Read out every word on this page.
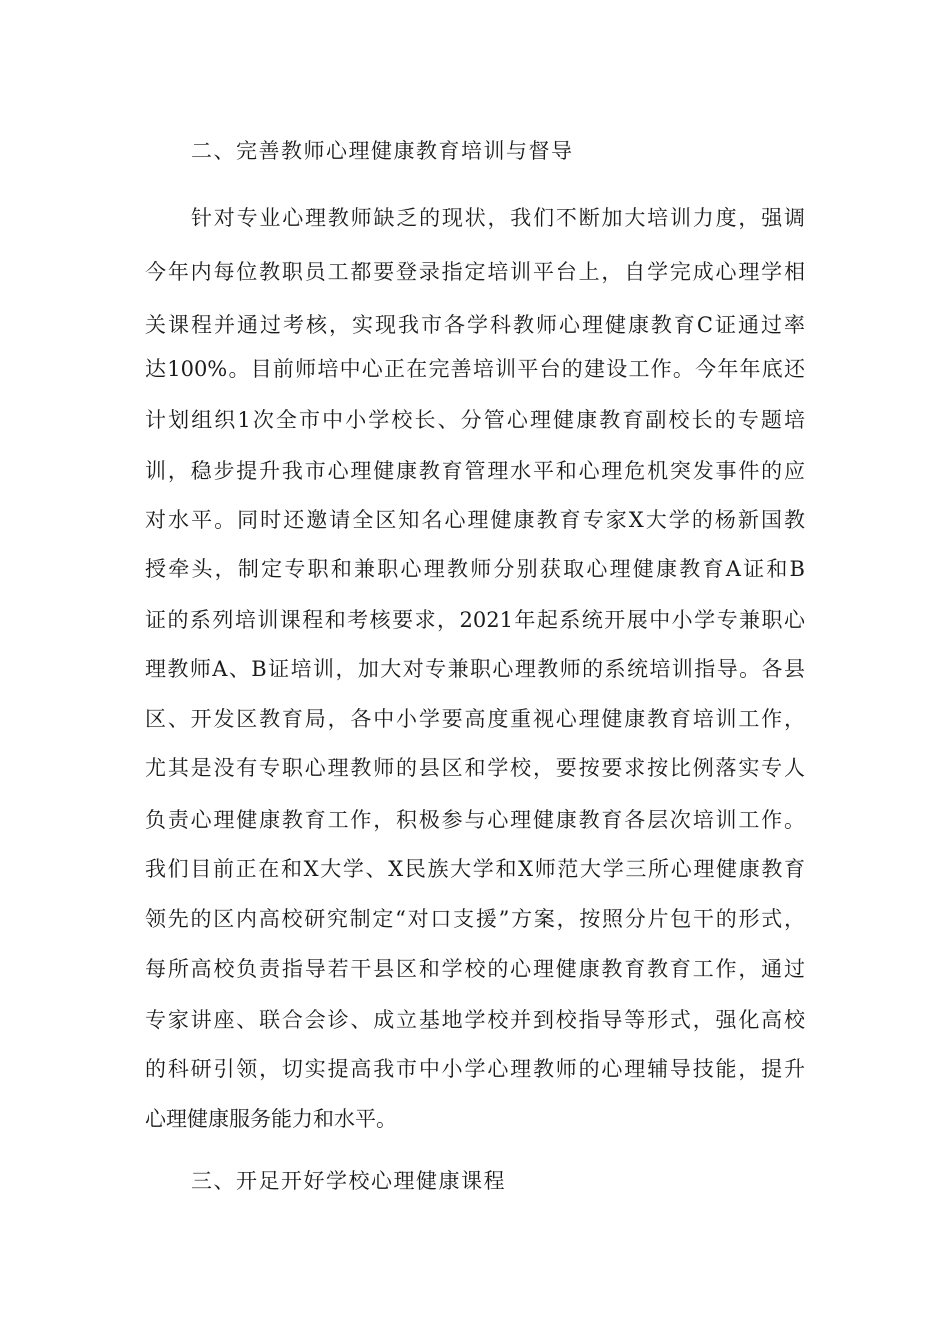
二、完善教师心理健康教育培训与督导
针对专业心理教师缺乏的现状，我们不断加大培训力度，强调
今年内每位教职员工都要登录指定培训平台上，自学完成心理学相
关课程并通过考核，实现我市各学科教师心理健康教育C证通过率
达100%。目前师培中心正在完善培训平台的建设工作。今年年底还
计划组织1次全市中小学校长、分管心理健康教育副校长的专题培
训，稳步提升我市心理健康教育管理水平和心理危机突发事件的应
对水平。同时还邀请全区知名心理健康教育专家X大学的杨新国教
授牵头，制定专职和兼职心理教师分别获取心理健康教育A证和B
证的系列培训课程和考核要求，2021年起系统开展中小学专兼职心
理教师A、B证培训，加大对专兼职心理教师的系统培训指导。各县
区、开发区教育局，各中小学要高度重视心理健康教育培训工作，
尤其是没有专职心理教师的县区和学校，要按要求按比例落实专人
负责心理健康教育工作，积极参与心理健康教育各层次培训工作。
我们目前正在和X大学、X民族大学和X师范大学三所心理健康教育
领先的区内高校研究制定“对口支援”方案，按照分片包干的形式，
每所高校负责指导若干县区和学校的心理健康教育教育工作，通过
专家讲座、联合会诊、成立基地学校并到校指导等形式，强化高校
的科研引领，切实提高我市中小学心理教师的心理辅导技能，提升
心理健康服务能力和水平。
三、开足开好学校心理健康课程
